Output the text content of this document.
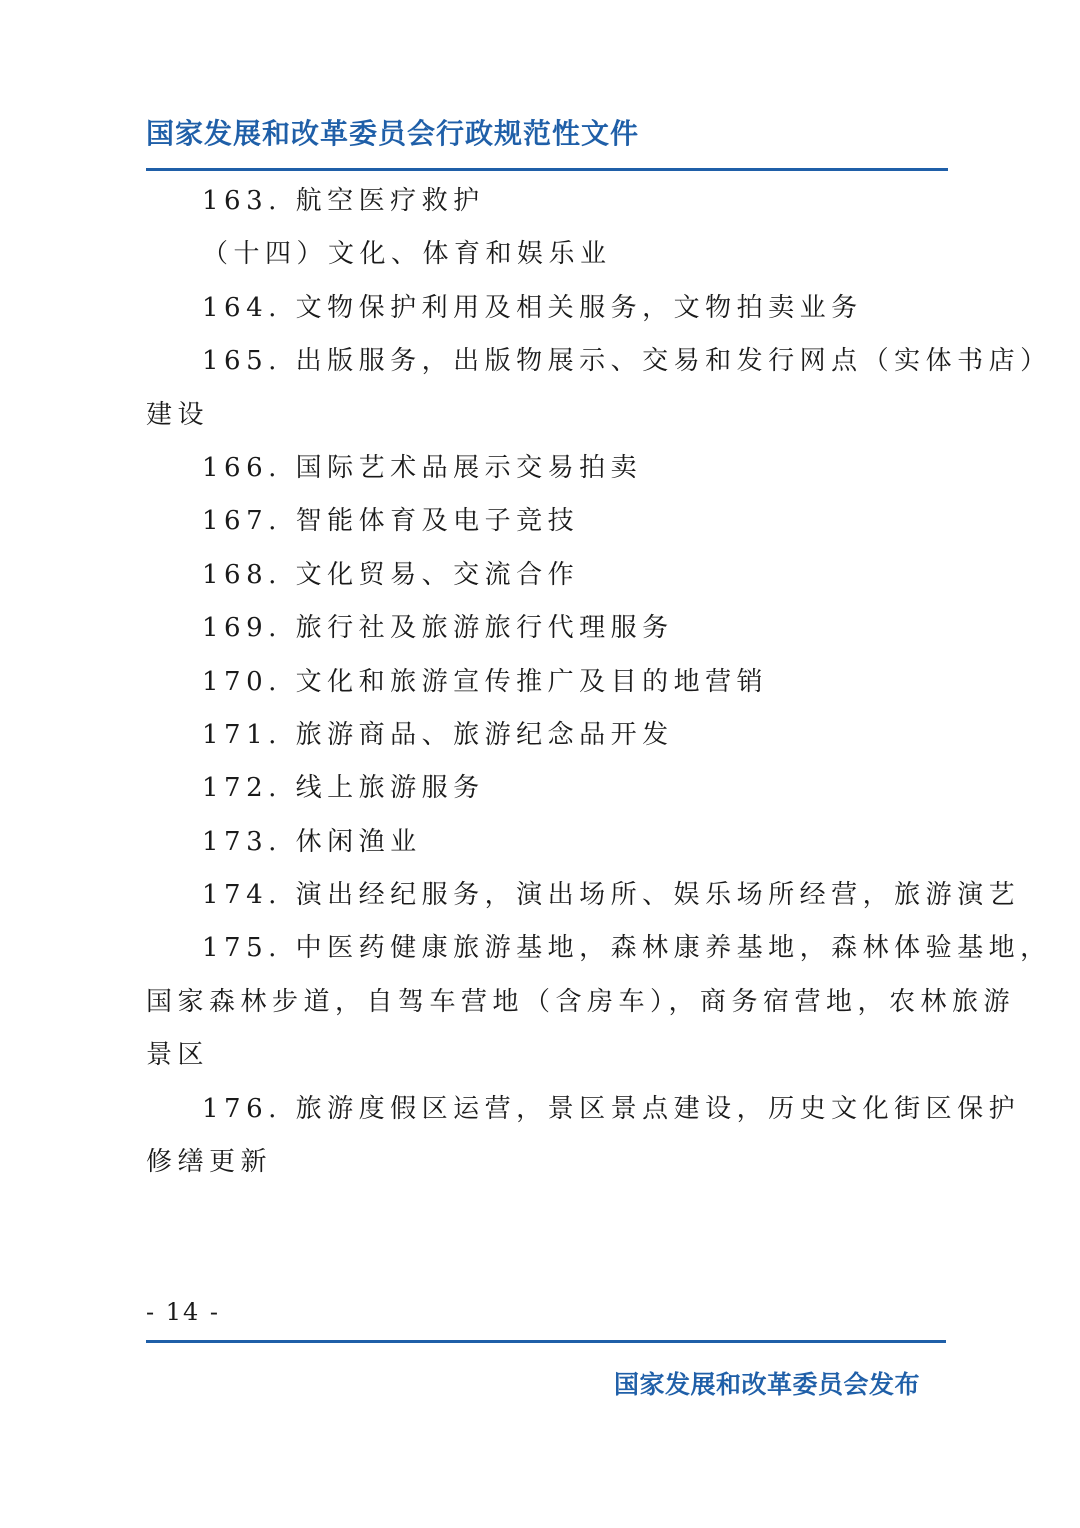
国家发展和改革委员会行政规范性文件
163. 航空医疗救护
（十四）文化、体育和娱乐业
164. 文物保护利用及相关服务，文物拍卖业务
165. 出版服务，出版物展示、交易和发行网点（实体书店）
建设
166. 国际艺术品展示交易拍卖
167. 智能体育及电子竞技
168. 文化贸易、交流合作
169. 旅行社及旅游旅行代理服务
170. 文化和旅游宣传推广及目的地营销
171. 旅游商品、旅游纪念品开发
172. 线上旅游服务
173. 休闲渔业
174. 演出经纪服务，演出场所、娱乐场所经营，旅游演艺
175. 中医药健康旅游基地，森林康养基地，森林体验基地，
国家森林步道，自驾车营地（含房车），商务宿营地，农林旅游
景区
176. 旅游度假区运营，景区景点建设，历史文化街区保护
修缮更新
- 14 -
国家发展和改革委员会发布
